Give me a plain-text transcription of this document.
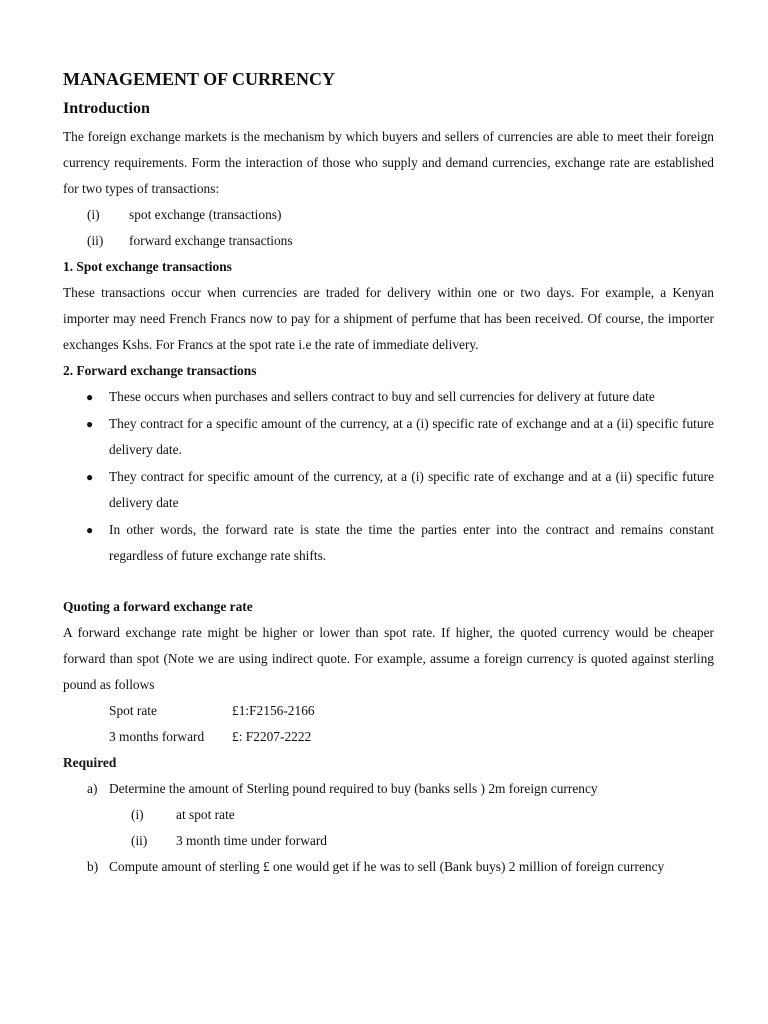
MANAGEMENT OF CURRENCY
Introduction

The foreign exchange markets is the mechanism by which buyers and sellers of currencies are able to meet their foreign currency requirements. Form the interaction of those who supply and demand currencies, exchange rate are established for two types of transactions:

(i)	spot exchange (transactions)
(ii)	forward exchange transactions
1. Spot exchange transactions

These transactions occur when currencies are traded for delivery within one or two days. For example, a Kenyan importer may need French Francs now to pay for a shipment of perfume that has been received. Of course, the importer exchanges Kshs. For Francs at the spot rate i.e the rate of immediate delivery.

2. Forward exchange transactions
● These occurs when purchases and sellers contract to buy and sell currencies for delivery at future date
● They contract for a specific amount of the currency, at a (i) specific rate of exchange and at a (ii) specific future delivery date.
● They contract for specific amount of the currency, at a (i) specific rate of exchange and at a (ii) specific future delivery date
● In other words, the forward rate is state the time the parties enter into the contract and remains constant regardless of future exchange rate shifts.
Quoting a forward exchange rate

A forward exchange rate might be higher or lower than spot rate. If higher, the quoted currency would be cheaper forward than spot (Note we are using indirect quote. For example, assume a foreign currency is quoted against sterling pound as follows

Spot rate	£1:F2156-2166
3 months forward	£: F2207-2222
Required
a) Determine the amount of Sterling pound required to buy (banks sells ) 2m foreign currency
(i)	at spot rate
(ii)	3 month time under forward
b) Compute amount of sterling £ one would get if he was to sell (Bank buys) 2 million of foreign currency
